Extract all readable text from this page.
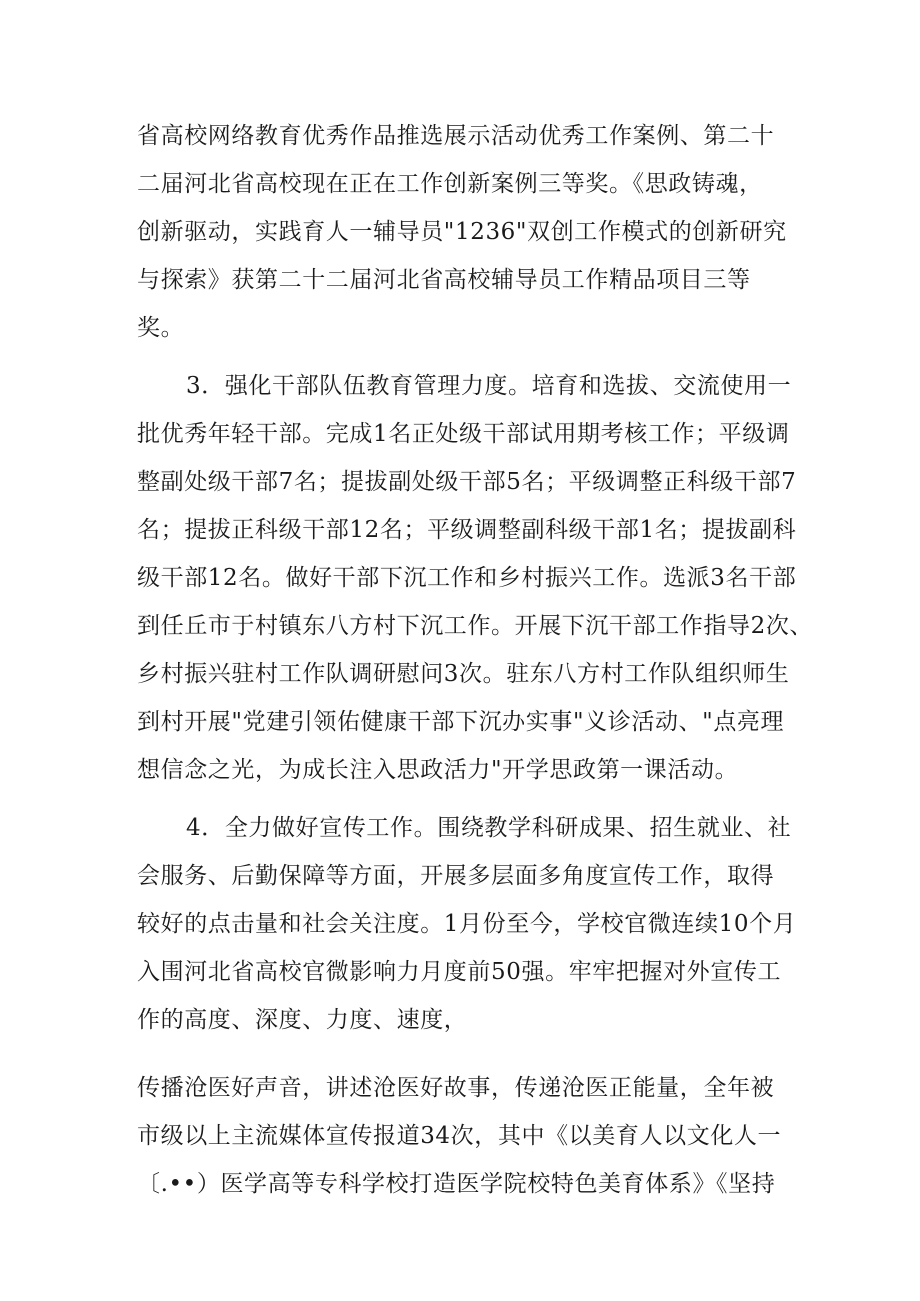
省高校网络教育优秀作品推选展示活动优秀工作案例、第二十
二届河北省高校现在正在工作创新案例三等奖。《思政铸魂，
创新驱动，实践育人一辅导员"1236"双创工作模式的创新研究
与探索》获第二十二届河北省高校辅导员工作精品项目三等
奖。
3．强化干部队伍教育管理力度。培育和选拔、交流使用一
批优秀年轻干部。完成1名正处级干部试用期考核工作；平级调
整副处级干部7名；提拔副处级干部5名；平级调整正科级干部7
名；提拔正科级干部12名；平级调整副科级干部1名；提拔副科
级干部12名。做好干部下沉工作和乡村振兴工作。选派3名干部
到任丘市于村镇东八方村下沉工作。开展下沉干部工作指导2次、
乡村振兴驻村工作队调研慰问3次。驻东八方村工作队组织师生
到村开展"党建引领佑健康干部下沉办实事"义诊活动、"点亮理
想信念之光，为成长注入思政活力"开学思政第一课活动。
4．全力做好宣传工作。围绕教学科研成果、招生就业、社
会服务、后勤保障等方面，开展多层面多角度宣传工作，取得
较好的点击量和社会关注度。1月份至今，学校官微连续10个月
入围河北省高校官微影响力月度前50强。牢牢把握对外宣传工
作的高度、深度、力度、速度，
传播沧医好声音，讲述沧医好故事，传递沧医正能量，全年被
市级以上主流媒体宣传报道34次，其中《以美育人以文化人一
〔.••）医学高等专科学校打造医学院校特色美育体系》《坚持
